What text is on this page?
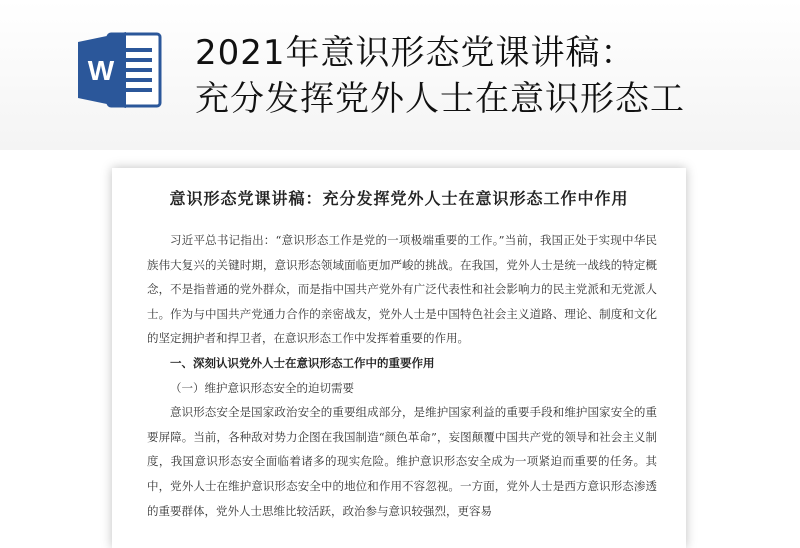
W 2021年意识形态党课讲稿：
充分发挥党外人士在意识形态工
意识形态党课讲稿：充分发挥党外人士在意识形态工作中作用

习近平总书记指出：“意识形态工作是党的一项极端重要的工作。”当前，我国正处于实现中华民族伟大复兴的关键时期，意识形态领域面临更加严峻的挑战。在我国，党外人士是统一战线的特定概念，不是指普通的党外群众，而是指中国共产党外有广泛代表性和社会影响力的民主党派和无党派人士。作为与中国共产党通力合作的亲密战友，党外人士是中国特色社会主义道路、理论、制度和文化的坚定拥护者和捍卫者，在意识形态工作中发挥着重要的作用。

一、深刻认识党外人士在意识形态工作中的重要作用

（一）维护意识形态安全的迫切需要

意识形态安全是国家政治安全的重要组成部分，是维护国家利益的重要手段和维护国家安全的重要屏障。当前，各种敌对势力企图在我国制造“颜色革命”，妄图颠覆中国共产党的领导和社会主义制度，我国意识形态安全面临着诸多的现实危险。维护意识形态安全成为一项紧迫而重要的任务。其中，党外人士在维护意识形态安全中的地位和作用不容忽视。一方面，党外人士是西方意识形态渗透的重要群体，党外人士思维比较活跃，政治参与意识较强烈，更容易
